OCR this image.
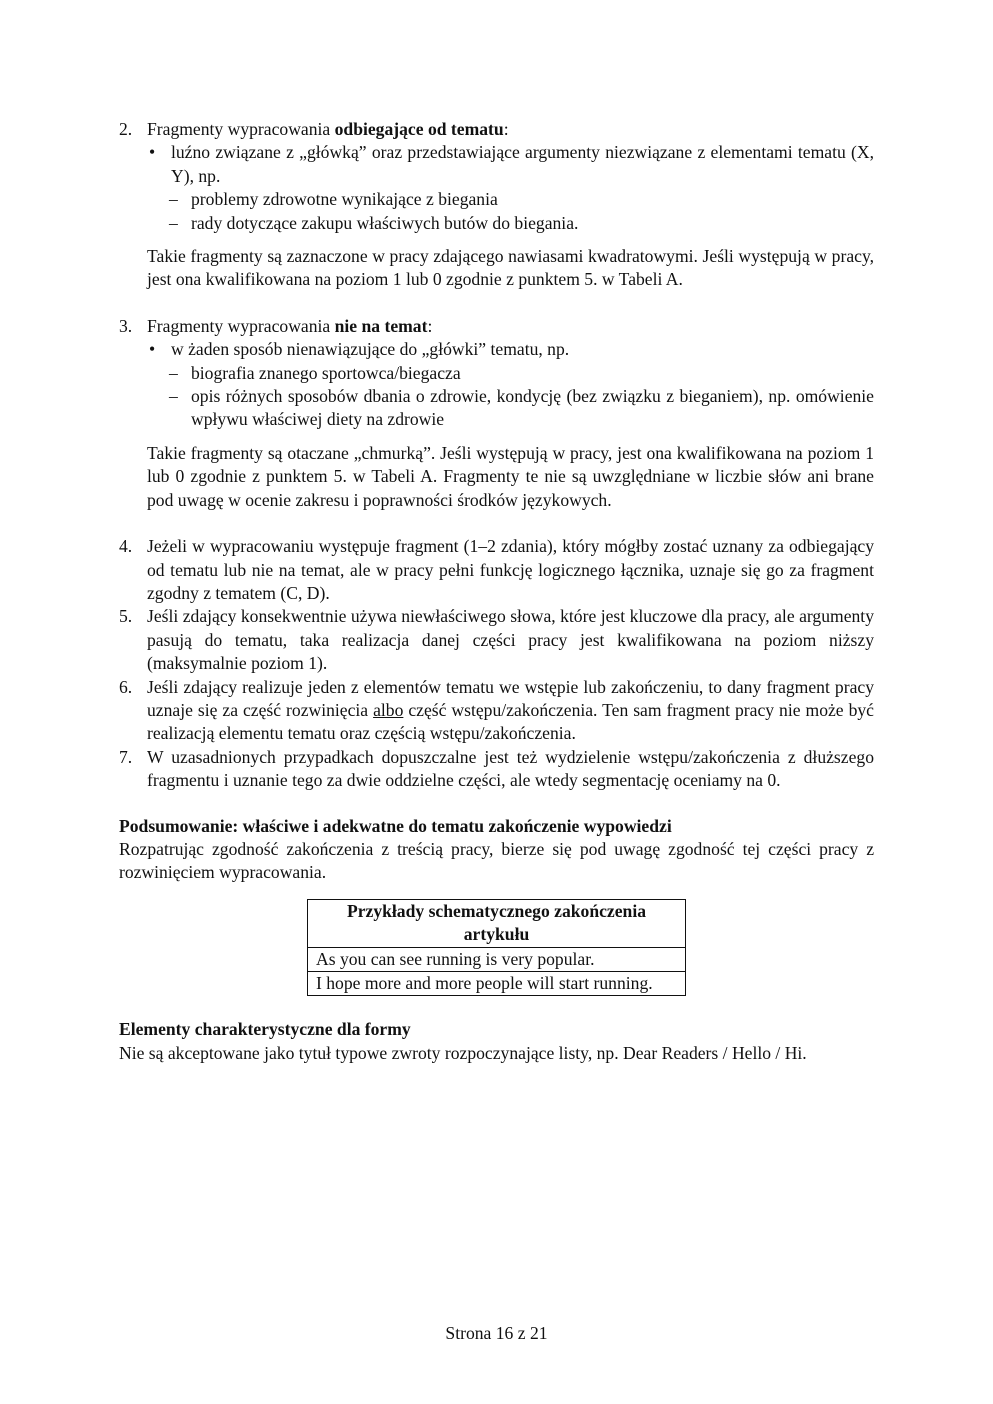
2. Fragmenty wypracowania odbiegające od tematu:
• luźno związane z „główką” oraz przedstawiające argumenty niezwiązane z elementami tematu (X, Y), np.
– problemy zdrowotne wynikające z biegania
– rady dotyczące zakupu właściwych butów do biegania.
Takie fragmenty są zaznaczone w pracy zdającego nawiasami kwadratowymi. Jeśli występują w pracy, jest ona kwalifikowana na poziom 1 lub 0 zgodnie z punktem 5. w Tabeli A.
3. Fragmenty wypracowania nie na temat:
• w żaden sposób nienawiązujące do „główki” tematu, np.
– biografia znanego sportowca/biegacza
– opis różnych sposobów dbania o zdrowie, kondycję (bez związku z bieganiem), np. omówienie wpływu właściwej diety na zdrowie
Takie fragmenty są otaczane „chmurką”. Jeśli występują w pracy, jest ona kwalifikowana na poziom 1 lub 0 zgodnie z punktem 5. w Tabeli A. Fragmenty te nie są uwzględniane w liczbie słów ani brane pod uwagę w ocenie zakresu i poprawności środków językowych.
4. Jeżeli w wypracowaniu występuje fragment (1–2 zdania), który mógłby zostać uznany za odbiegający od tematu lub nie na temat, ale w pracy pełni funkcję logicznego łącznika, uznaje się go za fragment zgodny z tematem (C, D).
5. Jeśli zdający konsekwentnie używa niewłaściwego słowa, które jest kluczowe dla pracy, ale argumenty pasują do tematu, taka realizacja danej części pracy jest kwalifikowana na poziom niższy (maksymalnie poziom 1).
6. Jeśli zdający realizuje jeden z elementów tematu we wstępie lub zakończeniu, to dany fragment pracy uznaje się za część rozwinięcia albo część wstępu/zakończenia. Ten sam fragment pracy nie może być realizacją elementu tematu oraz częścią wstępu/zakończenia.
7. W uzasadnionych przypadkach dopuszczalne jest też wydzielenie wstępu/zakończenia z dłuższego fragmentu i uznanie tego za dwie oddzielne części, ale wtedy segmentację oceniamy na 0.
Podsumowanie: właściwe i adekwatne do tematu zakończenie wypowiedzi
Rozpatrując zgodność zakończenia z treścią pracy, bierze się pod uwagę zgodność tej części pracy z rozwinięciem wypracowania.
Przykłady schematycznego zakończenia artykułu
As you can see running is very popular.
I hope more and more people will start running.
Elementy charakterystyczne dla formy
Nie są akceptowane jako tytuł typowe zwroty rozpoczynające listy, np. Dear Readers / Hello / Hi.
Strona 16 z 21
